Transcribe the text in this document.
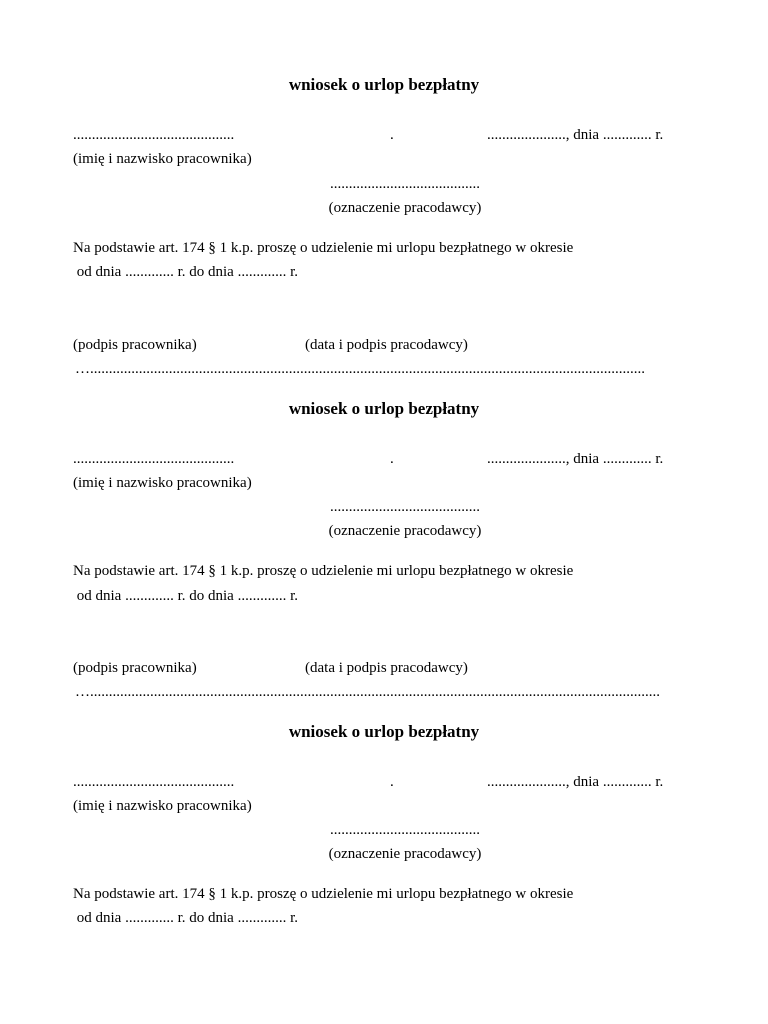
wniosek o urlop bezpłatny
...........................................	.	....................., dnia ............. r.
(imię i nazwisko pracownika)
........................................
(oznaczenie pracodawcy)
Na podstawie art. 174 § 1 k.p. proszę o udzielenie mi urlopu bezpłatnego w okresie
od dnia ............. r. do dnia ............. r.
(podpis pracownika)	(data i podpis pracodawcy)
…....................................................................................................................................................
wniosek o urlop bezpłatny
...........................................	.	....................., dnia ............. r.
(imię i nazwisko pracownika)
........................................
(oznaczenie pracodawcy)
Na podstawie art. 174 § 1 k.p. proszę o udzielenie mi urlopu bezpłatnego w okresie
od dnia ............. r. do dnia ............. r.
(podpis pracownika)	(data i podpis pracodawcy)
…........................................................................................................................................................
wniosek o urlop bezpłatny
...........................................	.	....................., dnia ............. r.
(imię i nazwisko pracownika)
........................................
(oznaczenie pracodawcy)
Na podstawie art. 174 § 1 k.p. proszę o udzielenie mi urlopu bezpłatnego w okresie
od dnia ............. r. do dnia ............. r.
